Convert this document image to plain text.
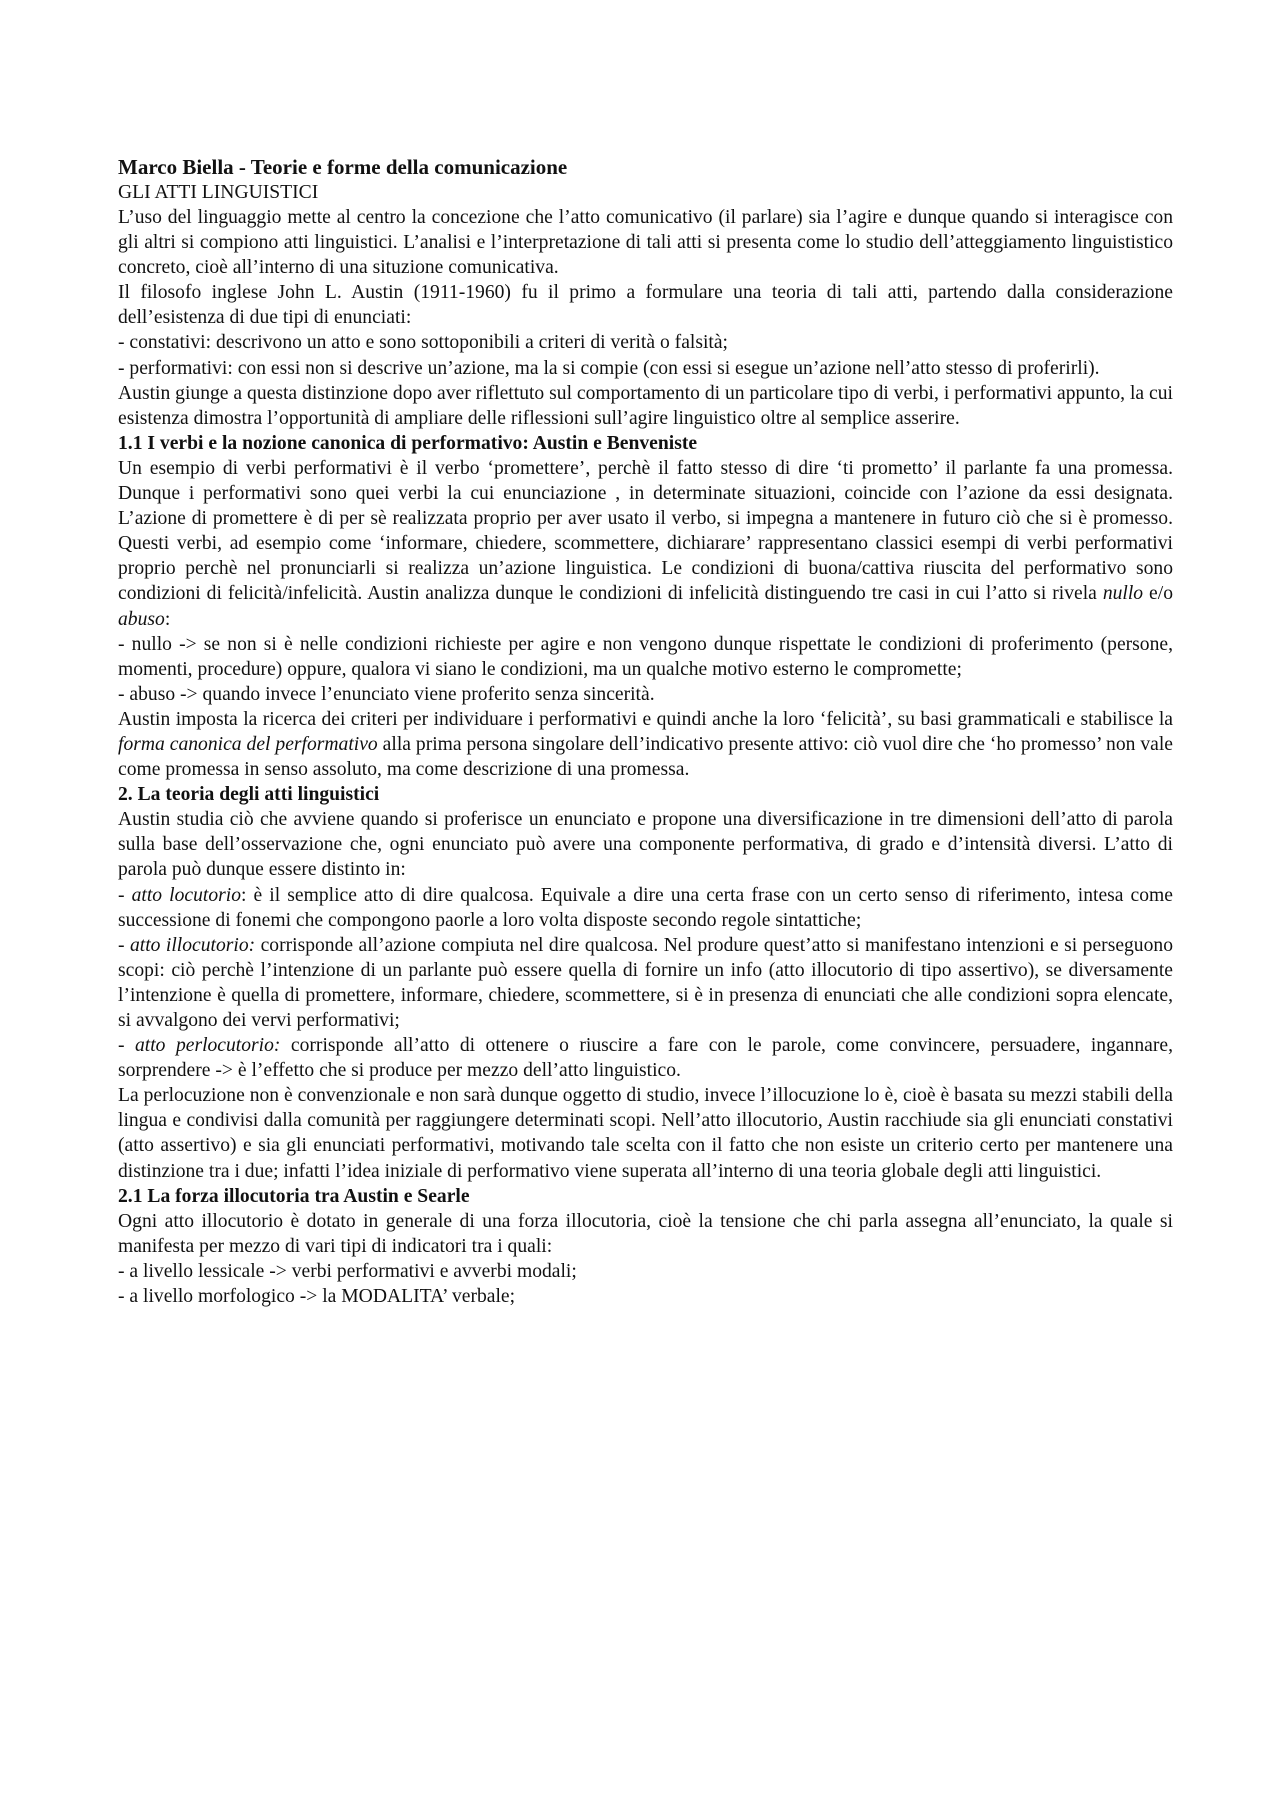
Marco Biella - Teorie e forme della comunicazione
GLI ATTI LINGUISTICI

L’uso del linguaggio mette al centro la concezione che l’atto comunicativo (il parlare) sia l’agire e dunque quando si interagisce con gli altri si compiono atti linguistici. L’analisi e l’interpretazione di tali atti si presenta come lo studio dell’atteggiamento linguististico concreto, cioè all’interno di una situzione comunicativa.

Il filosofo inglese John L. Austin (1911-1960) fu il primo a formulare una teoria di tali atti, partendo dalla considerazione dell’esistenza di due tipi di enunciati:

- constativi: descrivono un atto e sono sottoponibili a criteri di verità o falsità;

- performativi: con essi non si descrive un’azione, ma la si compie (con essi si esegue un’azione nell’atto stesso di proferirli).

Austin giunge a questa distinzione dopo aver riflettuto sul comportamento di un particolare tipo di verbi, i performativi appunto, la cui esistenza dimostra l’opportunità di ampliare delle riflessioni sull’agire linguistico oltre al semplice asserire.

1.1 I verbi e la nozione canonica di performativo: Austin e Benveniste

Un esempio di verbi performativi è il verbo ‘promettere’, perchè il fatto stesso di dire ‘ti prometto’ il parlante fa una promessa. Dunque i performativi sono quei verbi la cui enunciazione , in determinate situazioni, coincide con l’azione da essi designata. L’azione di promettere è di per sè realizzata proprio per aver usato il verbo, si impegna a mantenere in futuro ciò che si è promesso. Questi verbi, ad esempio come ‘informare, chiedere, scommettere, dichiarare’ rappresentano classici esempi di verbi performativi proprio perchè nel pronunciarli si realizza un’azione linguistica. Le condizioni di buona/cattiva riuscita del performativo sono condizioni di felicità/infelicità. Austin analizza dunque le condizioni di infelicità distinguendo tre casi in cui l’atto si rivela nullo e/o abuso:

- nullo -> se non si è nelle condizioni richieste per agire e non vengono dunque rispettate le condizioni di proferimento (persone, momenti, procedure) oppure, qualora vi siano le condizioni, ma un qualche motivo esterno le compromette;

- abuso -> quando invece l’enunciato viene proferito senza sincerità.

Austin imposta la ricerca dei criteri per individuare i performativi e quindi anche la loro ‘felicità’, su basi grammaticali e stabilisce la forma canonica del performativo alla prima persona singolare dell’indicativo presente attivo: ciò vuol dire che ‘ho promesso’ non vale come promessa in senso assoluto, ma come descrizione di una promessa.

2. La teoria degli atti linguistici

Austin studia ciò che avviene quando si proferisce un enunciato e propone una diversificazione in tre dimensioni dell’atto di parola sulla base dell’osservazione che, ogni enunciato può avere una componente performativa, di grado e d’intensità diversi. L’atto di parola può dunque essere distinto in:

- atto locutorio: è il semplice atto di dire qualcosa. Equivale a dire una certa frase con un certo senso di riferimento, intesa come successione di fonemi che compongono paorle a loro volta disposte secondo regole sintattiche;

- atto illocutorio: corrisponde all’azione compiuta nel dire qualcosa. Nel produre quest’atto si manifestano intenzioni e si perseguono scopi: ciò perchè l’intenzione di un parlante può essere quella di fornire un info (atto illocutorio di tipo assertivo), se diversamente l’intenzione è quella di promettere, informare, chiedere, scommettere, si è in presenza di enunciati che alle condizioni sopra elencate, si avvalgono dei vervi performativi;

- atto perlocutorio: corrisponde all’atto di ottenere o riuscire a fare con le parole, come convincere, persuadere, ingannare, sorprendere -> è l’effetto che si produce per mezzo dell’atto linguistico.

La perlocuzione non è convenzionale e non sarà dunque oggetto di studio, invece l’illocuzione lo è, cioè è basata su mezzi stabili della lingua e condivisi dalla comunità per raggiungere determinati scopi. Nell’atto illocutorio, Austin racchiude sia gli enunciati constativi (atto assertivo) e sia gli enunciati performativi, motivando tale scelta con il fatto che non esiste un criterio certo per mantenere una distinzione tra i due; infatti l’idea iniziale di performativo viene superata all’interno di una teoria globale degli atti linguistici.

2.1 La forza illocutoria tra Austin e Searle

Ogni atto illocutorio è dotato in generale di una forza illocutoria, cioè la tensione che chi parla assegna all’enunciato, la quale si manifesta per mezzo di vari tipi di indicatori tra i quali:

- a livello lessicale -> verbi performativi e avverbi modali;

- a livello morfologico -> la MODALITA’ verbale;
